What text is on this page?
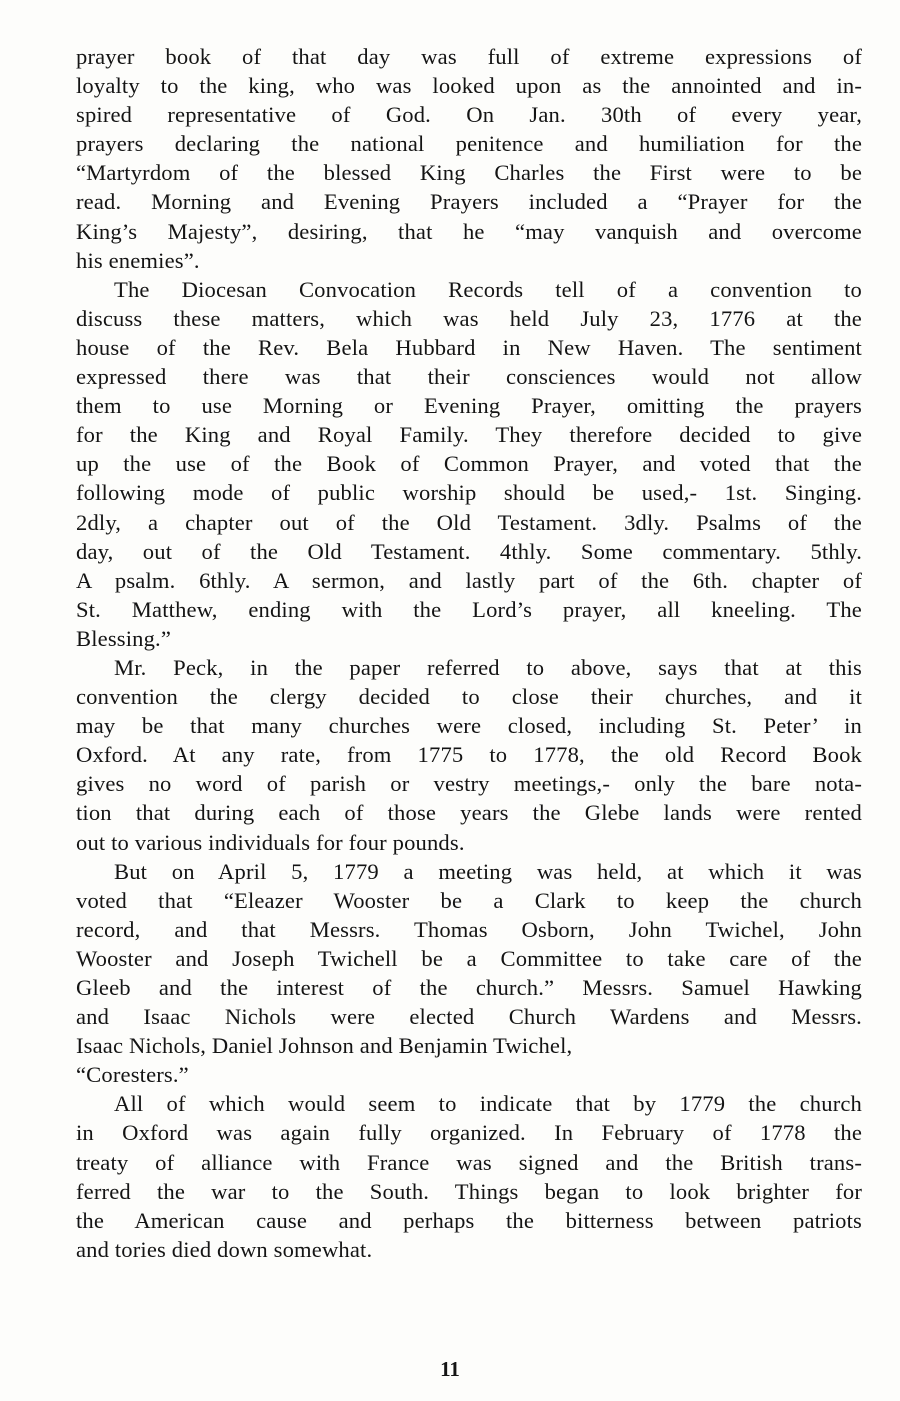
prayer book of that day was full of extreme expressions of
loyalty to the king, who was looked upon as the annointed and in-
spired representative of God. On Jan. 30th of every year,
prayers declaring the national penitence and humiliation for the
“Martyrdom of the blessed King Charles the First were to be
read. Morning and Evening Prayers included a “Prayer for the
King’s Majesty”, desiring, that he “may vanquish and overcome
his enemies”.
The Diocesan Convocation Records tell of a convention to
discuss these matters, which was held July 23, 1776 at the
house of the Rev. Bela Hubbard in New Haven. The sentiment
expressed there was that their consciences would not allow
them to use Morning or Evening Prayer, omitting the prayers
for the King and Royal Family. They therefore decided to give
up the use of the Book of Common Prayer, and voted that the
following mode of public worship should be used,- 1st. Singing.
2dly, a chapter out of the Old Testament. 3dly. Psalms of the
day, out of the Old Testament. 4thly. Some commentary. 5thly.
A psalm. 6thly. A sermon, and lastly part of the 6th. chapter of
St. Matthew, ending with the Lord’s prayer, all kneeling. The
Blessing.”
Mr. Peck, in the paper referred to above, says that at this
convention the clergy decided to close their churches, and it
may be that many churches were closed, including St. Peter’ in
Oxford. At any rate, from 1775 to 1778, the old Record Book
gives no word of parish or vestry meetings,- only the bare nota-
tion that during each of those years the Glebe lands were rented
out to various individuals for four pounds.
But on April 5, 1779 a meeting was held, at which it was
voted that “Eleazer Wooster be a Clark to keep the church
record, and that Messrs. Thomas Osborn, John Twichel, John
Wooster and Joseph Twichell be a Committee to take care of the
Gleeb and the interest of the church.” Messrs. Samuel Hawking
and Isaac Nichols were elected Church Wardens and Messrs.
Isaac Nichols, Daniel Johnson and Benjamin Twichel,
“Coresters.”
All of which would seem to indicate that by 1779 the church
in Oxford was again fully organized. In February of 1778 the
treaty of alliance with France was signed and the British trans-
ferred the war to the South. Things began to look brighter for
the American cause and perhaps the bitterness between patriots
and tories died down somewhat.
11
